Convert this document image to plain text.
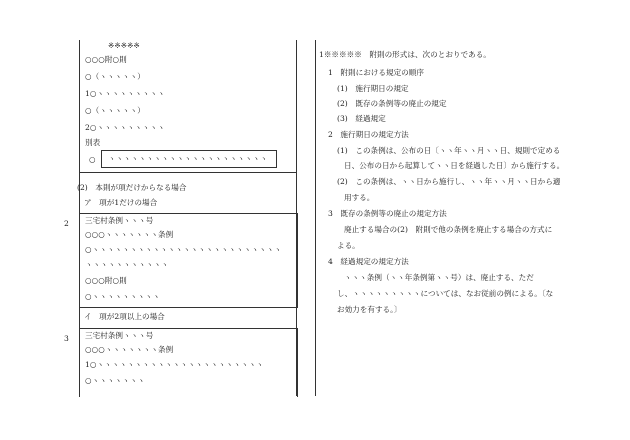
※※※※※
○○○附○則
○（ヽヽヽヽヽ）
1○ヽヽヽヽヽヽヽヽヽ
○（ヽヽヽヽヽ）
2○ヽヽヽヽヽヽヽヽヽ
別表
○ ヽヽヽヽヽヽヽヽヽヽヽヽヽヽヽヽヽヽヽヽヽ
(2)　本則が項だけからなる場合
ア　項が1だけの場合
2 三宅村条例ヽヽヽ号
○○○ヽヽヽヽヽヽヽ条例
○ヽヽヽヽヽヽヽヽヽヽヽヽヽヽヽヽヽヽヽヽヽヽヽヽヽ
ヽヽヽヽヽヽヽヽヽヽヽ
○○○附○則
○ヽヽヽヽヽヽヽヽヽ
イ　項が2項以上の場合
3 三宅村条例ヽヽヽ号
○○○ヽヽヽヽヽヽヽ条例
1○ヽヽヽヽヽヽヽヽヽヽヽヽヽヽヽヽヽヽヽヽヽヽ
○ヽヽヽヽヽヽヽ
1※※※※※　附則の形式は、次のとおりである。
1　附則における規定の順序
(1)　施行期日の規定
(2)　既存の条例等の廃止の規定
(3)　経過規定
2　施行期日の規定方法
(1)　この条例は、公布の日〔ヽヽ年ヽヽ月ヽヽ日、規則で定める
日、公布の日から起算してヽヽ日を経過した日〕から施行する。
(2)　この条例は、ヽヽ日から施行し、ヽヽ年ヽヽ月ヽヽ日から適
用する。
3　既存の条例等の廃止の規定方法
廃止する場合の(2)　附則で他の条例を廃止する場合の方式に
よる。
4　経過規定の規定方法
ヽヽヽ条例（ヽヽ年条例第ヽヽ号）は、廃止する、ただ
し、ヽヽヽヽヽヽヽヽヽについては、なお従前の例による。〔な
お効力を有する。〕
